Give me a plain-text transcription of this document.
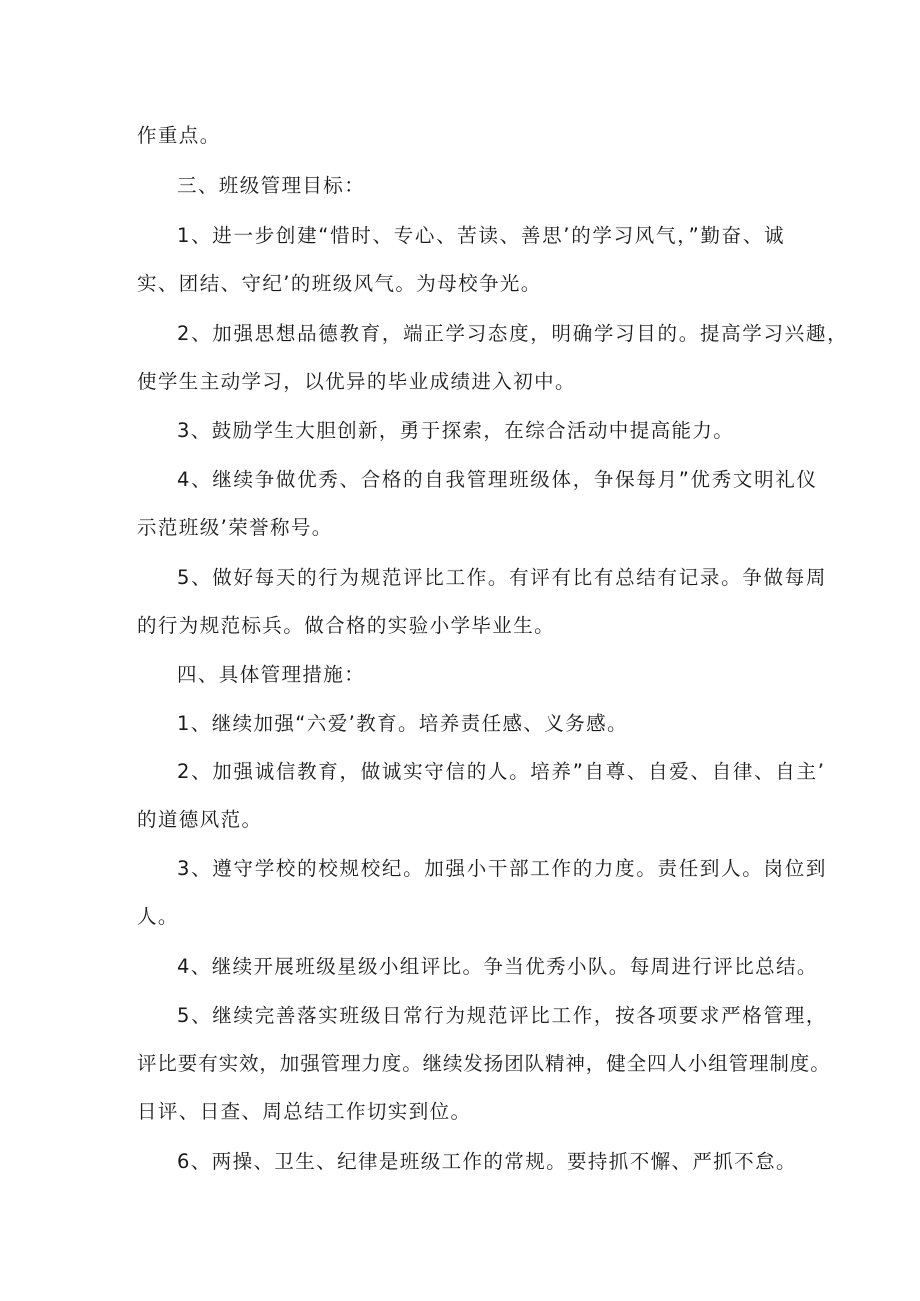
作重点。
三、班级管理目标：
1、进一步创建“惜时、专心、苦读、善思’的学习风气，”勤奋、诚
实、团结、守纪’的班级风气。为母校争光。
2、加强思想品德教育，端正学习态度，明确学习目的。提高学习兴趣，
使学生主动学习，以优异的毕业成绩进入初中。
3、鼓励学生大胆创新，勇于探索，在综合活动中提高能力。
4、继续争做优秀、合格的自我管理班级体，争保每月”优秀文明礼仪
示范班级’荣誉称号。
5、做好每天的行为规范评比工作。有评有比有总结有记录。争做每周
的行为规范标兵。做合格的实验小学毕业生。
四、具体管理措施：
1、继续加强“六爱’教育。培养责任感、义务感。
2、加强诚信教育，做诚实守信的人。培养”自尊、自爱、自律、自主’
的道德风范。
3、遵守学校的校规校纪。加强小干部工作的力度。责任到人。岗位到
人。
4、继续开展班级星级小组评比。争当优秀小队。每周进行评比总结。
5、继续完善落实班级日常行为规范评比工作，按各项要求严格管理，
评比要有实效，加强管理力度。继续发扬团队精神，健全四人小组管理制度。
日评、日查、周总结工作切实到位。
6、两操、卫生、纪律是班级工作的常规。要持抓不懈、严抓不怠。
